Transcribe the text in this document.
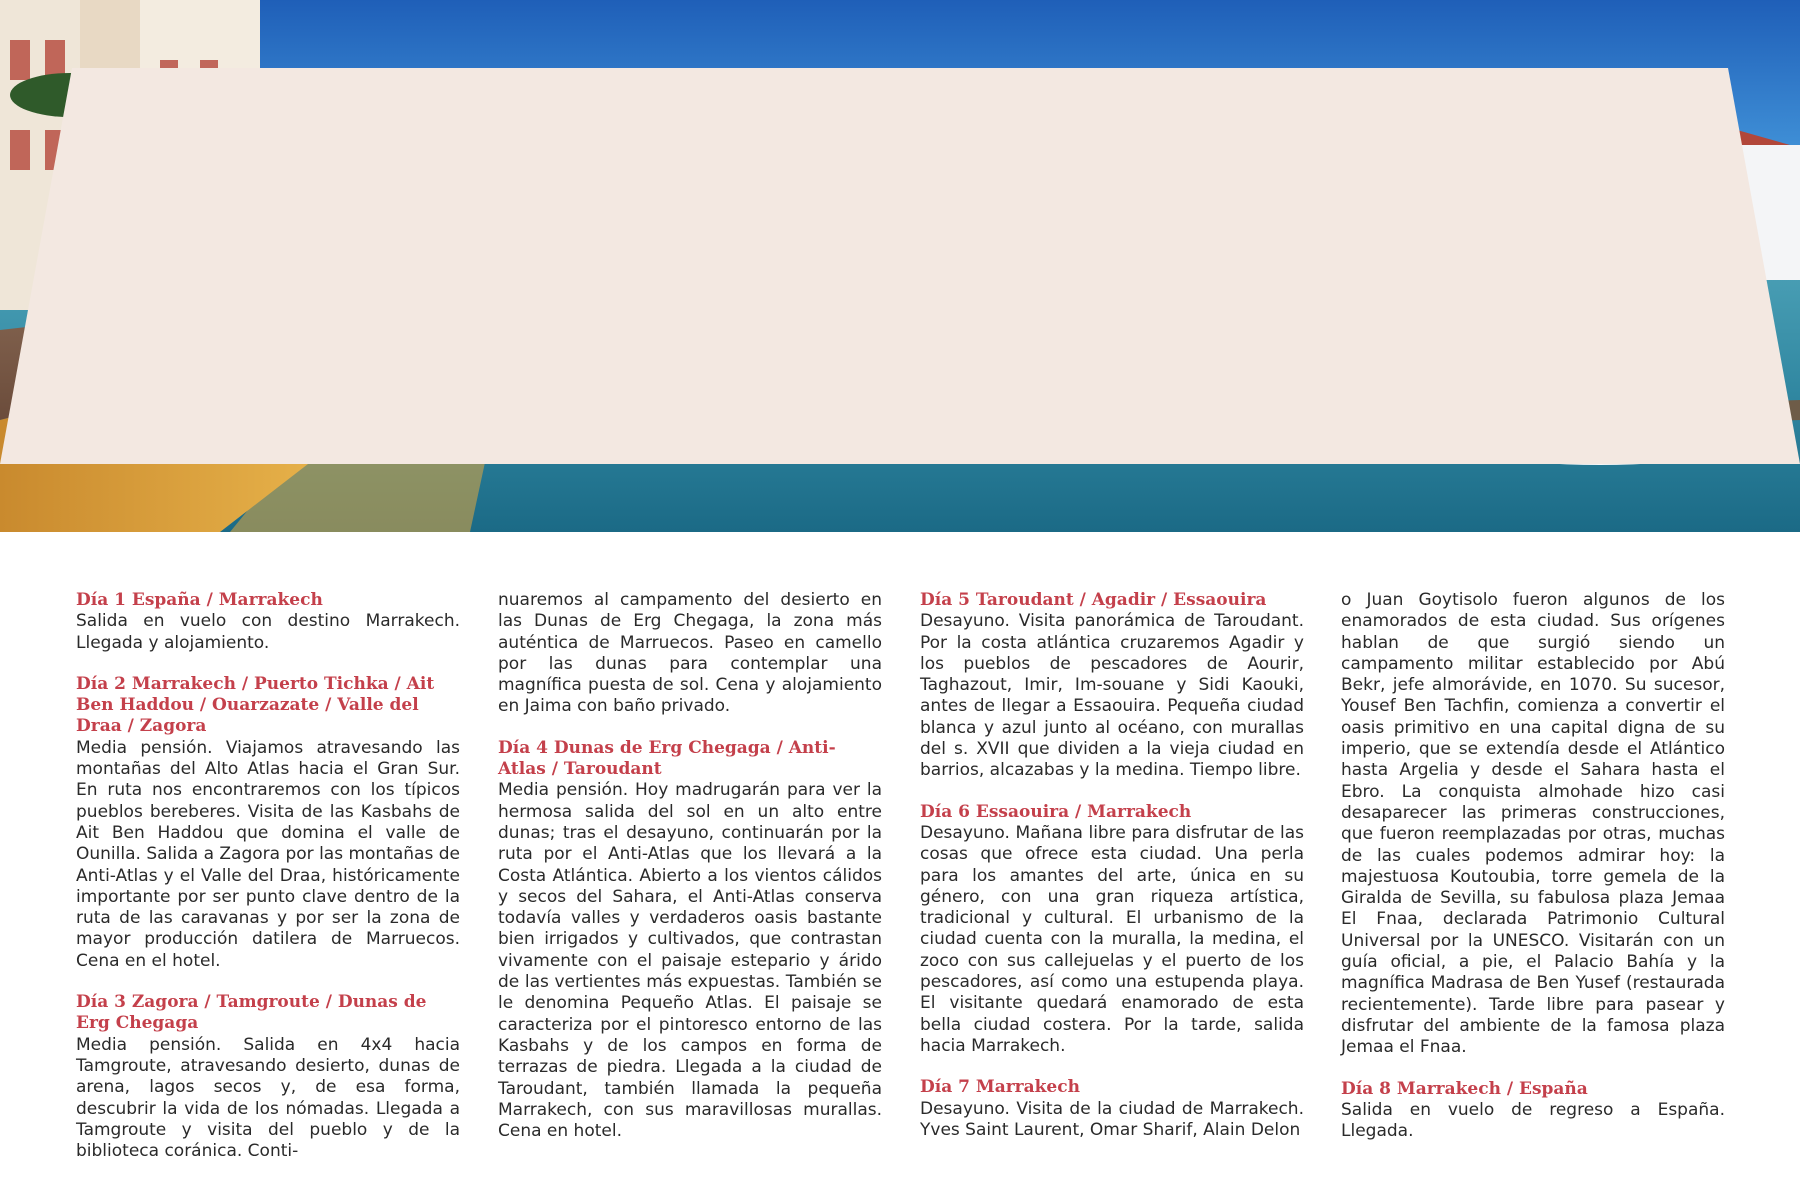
Día 1 España / Marrakech

Salida en vuelo con destino Marrakech. Llegada y alojamiento.

Día 2 Marrakech / Puerto Tichka / Ait Ben Haddou / Ouarzazate / Valle del Draa / Zagora

Media pensión. Viajamos atravesando las montañas del Alto Atlas hacia el Gran Sur. En ruta nos encontraremos con los típicos pueblos bereberes. Visita de las Kasbahs de Ait Ben Haddou que domina el valle de Ounilla. Salida a Zagora por las montañas de Anti-Atlas y el Valle del Draa, históricamente importante por ser punto clave dentro de la ruta de las caravanas y por ser la zona de mayor producción datilera de Marruecos. Cena en el hotel.

Día 3 Zagora / Tamgroute / Dunas de Erg Chegaga

Media pensión. Salida en 4x4 hacia Tamgroute, atravesando desierto, dunas de arena, lagos secos y, de esa forma, descubrir la vida de los nómadas. Llegada a Tamgroute y visita del pueblo y de la biblioteca coránica. Conti-

nuaremos al campamento del desierto en las Dunas de Erg Chegaga, la zona más auténtica de Marruecos. Paseo en camello por las dunas para contemplar una magnífica puesta de sol. Cena y alojamiento en Jaima con baño privado.

Día 4 Dunas de Erg Chegaga / Anti-Atlas / Taroudant

Media pensión. Hoy madrugarán para ver la hermosa salida del sol en un alto entre dunas; tras el desayuno, continuarán por la ruta por el Anti-Atlas que los llevará a la Costa Atlántica. Abierto a los vientos cálidos y secos del Sahara, el Anti-Atlas conserva todavía valles y verdaderos oasis bastante bien irrigados y cultivados, que contrastan vivamente con el paisaje estepario y árido de las vertientes más expuestas. También se le denomina Pequeño Atlas. El paisaje se caracteriza por el pintoresco entorno de las Kasbahs y de los campos en forma de terrazas de piedra. Llegada a la ciudad de Taroudant, también llamada la pequeña Marrakech, con sus maravillosas murallas. Cena en hotel.

Día 5 Taroudant / Agadir / Essaouira

Desayuno. Visita panorámica de Taroudant. Por la costa atlántica cruzaremos Agadir y los pueblos de pescadores de Aourir, Taghazout, Imir, Im-souane y Sidi Kaouki, antes de llegar a Essaouira. Pequeña ciudad blanca y azul junto al océano, con murallas del s. XVII que dividen a la vieja ciudad en barrios, alcazabas y la medina. Tiempo libre.

Día 6 Essaouira / Marrakech

Desayuno. Mañana libre para disfrutar de las cosas que ofrece esta ciudad. Una perla para los amantes del arte, única en su género, con una gran riqueza artística, tradicional y cultural. El urbanismo de la ciudad cuenta con la muralla, la medina, el zoco con sus callejuelas y el puerto de los pescadores, así como una estupenda playa. El visitante quedará enamorado de esta bella ciudad costera. Por la tarde, salida hacia Marrakech.

Día 7 Marrakech

Desayuno. Visita de la ciudad de Marrakech. Yves Saint Laurent, Omar Sharif, Alain Delon

o Juan Goytisolo fueron algunos de los enamorados de esta ciudad. Sus orígenes hablan de que surgió siendo un campamento militar establecido por Abú Bekr, jefe almorávide, en 1070. Su sucesor, Yousef Ben Tachfin, comienza a convertir el oasis primitivo en una capital digna de su imperio, que se extendía desde el Atlántico hasta Argelia y desde el Sahara hasta el Ebro. La conquista almohade hizo casi desaparecer las primeras construcciones, que fueron reemplazadas por otras, muchas de las cuales podemos admirar hoy: la majestuosa Koutoubia, torre gemela de la Giralda de Sevilla, su fabulosa plaza Jemaa El Fnaa, declarada Patrimonio Cultural Universal por la UNESCO. Visitarán con un guía oficial, a pie, el Palacio Bahía y la magnífica Madrasa de Ben Yusef (restaurada recientemente). Tarde libre para pasear y disfrutar del ambiente de la famosa plaza Jemaa el Fnaa.

Día 8 Marrakech / España

Salida en vuelo de regreso a España. Llegada.
